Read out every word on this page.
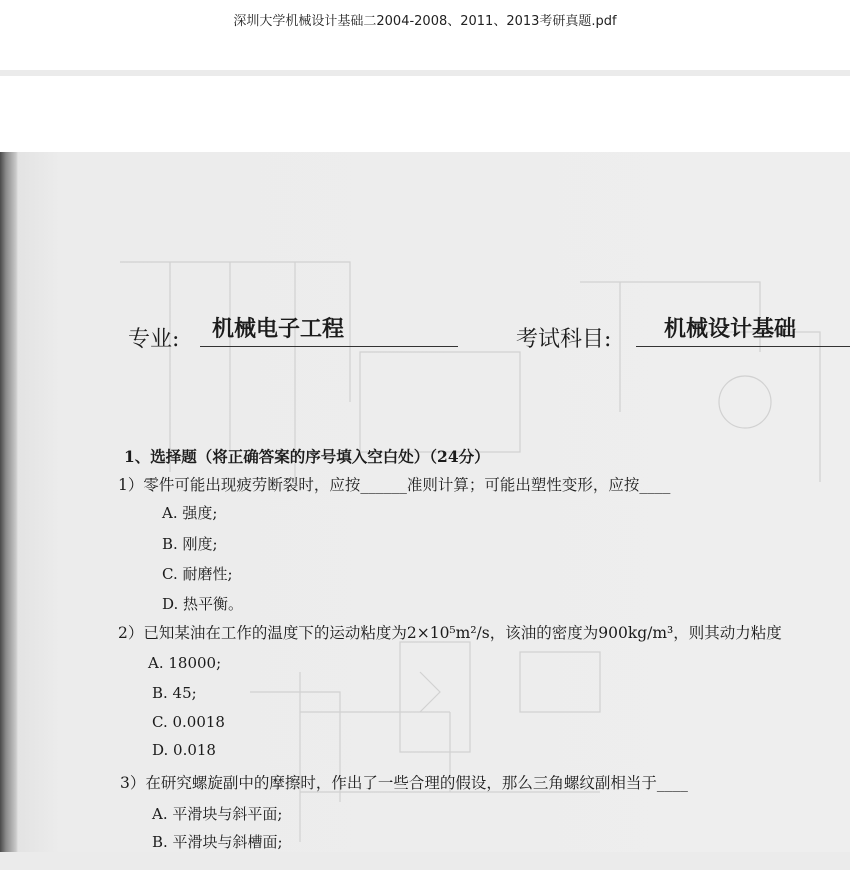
深圳大学机械设计基础二2004-2008、2011、2013考研真题.pdf
专业: 机械电子工程	考试科目: 机械设计基础
1、选择题（将正确答案的序号填入空白处）（24分）
1）零件可能出现疲劳断裂时，应按______准则计算；可能出塑性变形，应按____
A. 强度;
B. 刚度;
C. 耐磨性;
D. 热平衡。
2）已知某油在工作的温度下的运动粘度为2×10⁵m²/s，该油的密度为900kg/m³，则其动力粘度
A. 18000;
B. 45;
C. 0.0018
D. 0.018
3）在研究螺旋副中的摩擦时，作出了一些合理的假设，那么三角螺纹副相当于____
A. 平滑块与斜平面;
B. 平滑块与斜槽面;
